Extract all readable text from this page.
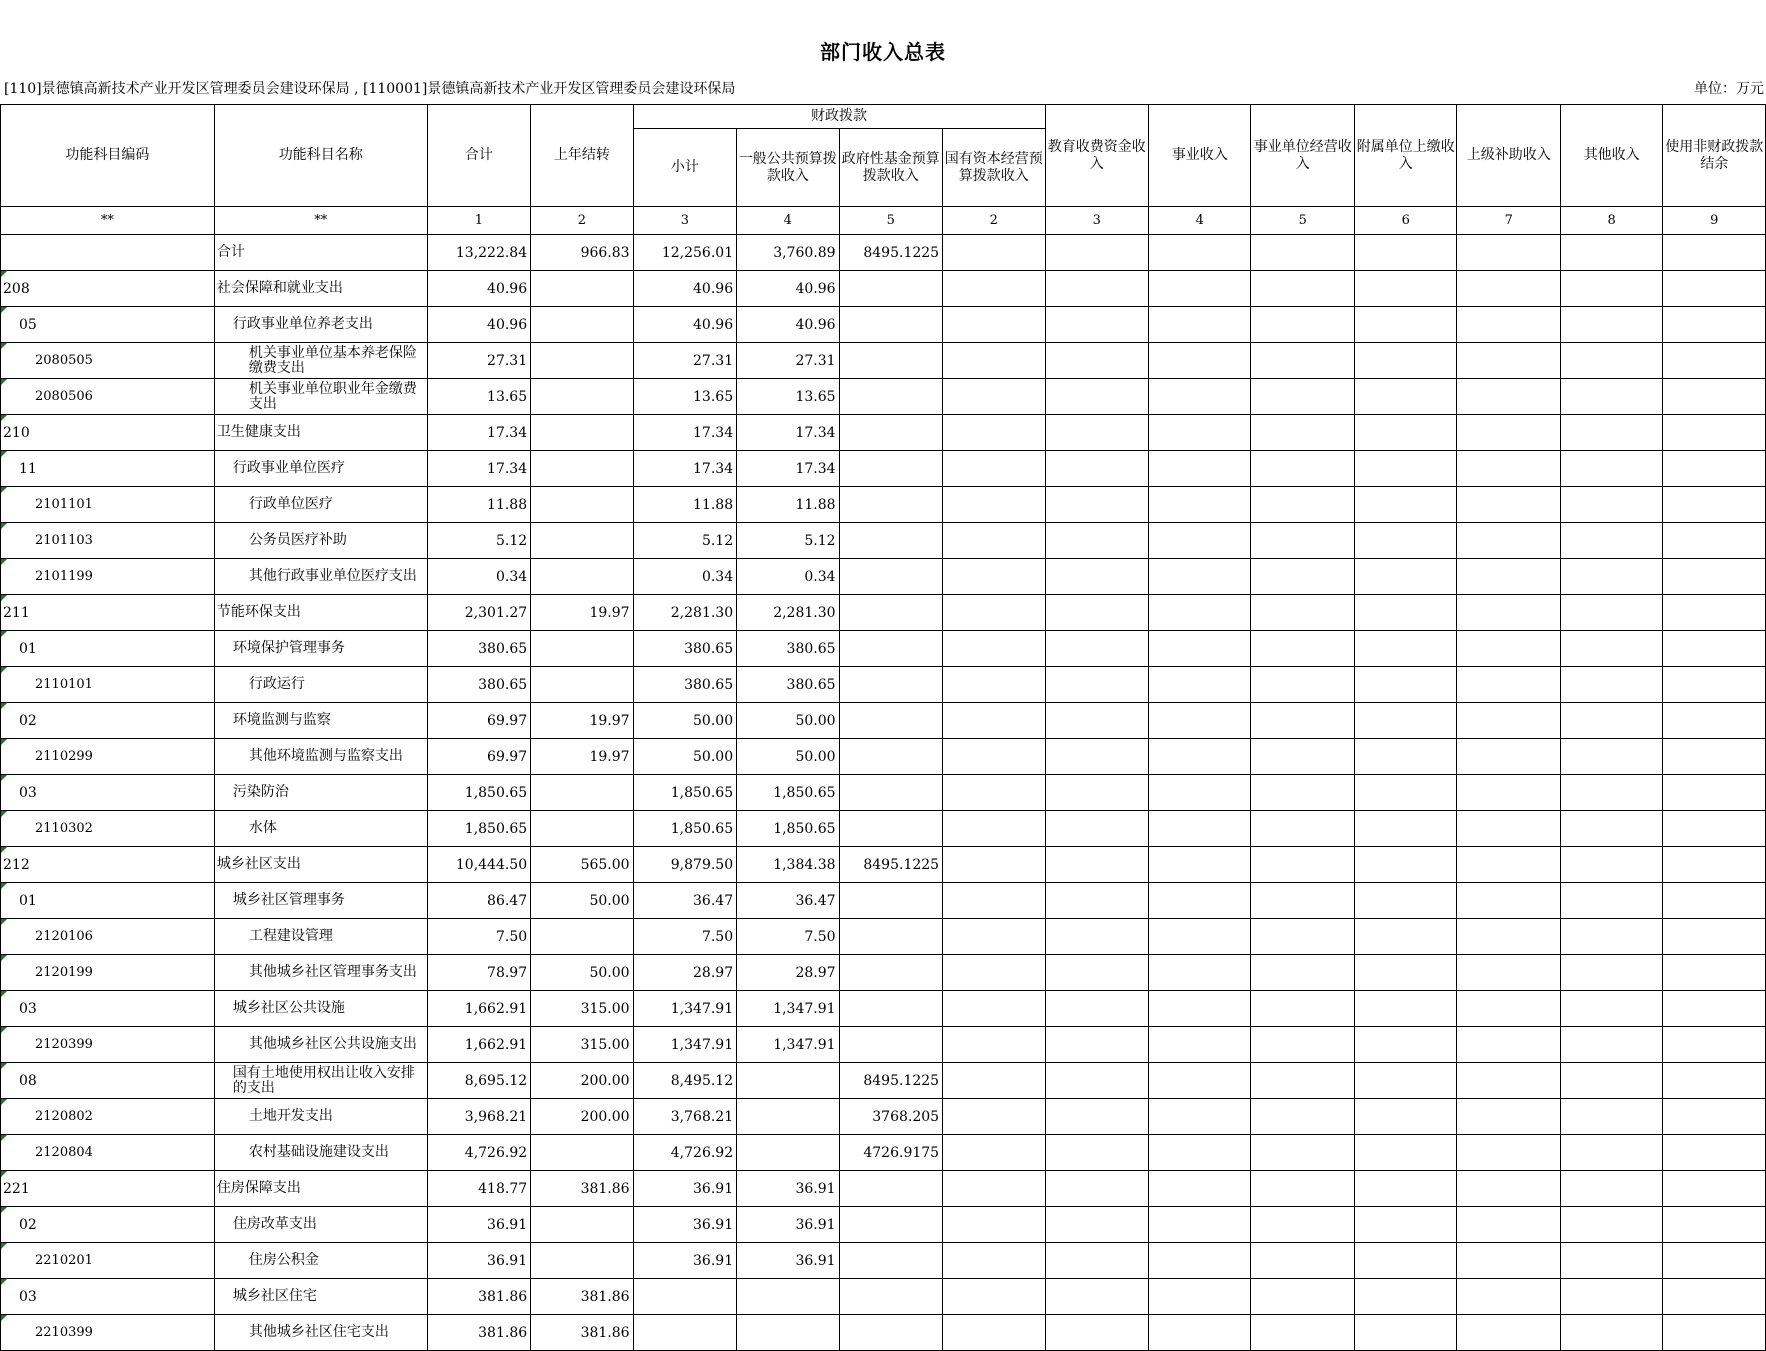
部门收入总表
[110]景德镇高新技术产业开发区管理委员会建设环保局 , [110001]景德镇高新技术产业开发区管理委员会建设环保局	单位：万元
功能科目编码	功能科目名称	合计	上年结转	财政拨款				教育收费资金收入	事业收入	事业单位经营收入	附属单位上缴收入	上级补助收入	其他收入	使用非财政拨款结余
				小计	一般公共预算拨款收入	政府性基金预算拨款收入	国有资本经营预算拨款收入							
**	**	1	2	3	4	5	2	3	4	5	6	7	8	9
	合计	13,222.84	966.83	12,256.01	3,760.89	8495.1225								
208	社会保障和就业支出	40.96		40.96	40.96									
05	行政事业单位养老支出	40.96		40.96	40.96									
2080505	机关事业单位基本养老保险缴费支出	27.31		27.31	27.31									
2080506	机关事业单位职业年金缴费支出	13.65		13.65	13.65									
210	卫生健康支出	17.34		17.34	17.34									
11	行政事业单位医疗	17.34		17.34	17.34									
2101101	行政单位医疗	11.88		11.88	11.88									
2101103	公务员医疗补助	5.12		5.12	5.12									
2101199	其他行政事业单位医疗支出	0.34		0.34	0.34									
211	节能环保支出	2,301.27	19.97	2,281.30	2,281.30									
01	环境保护管理事务	380.65		380.65	380.65									
2110101	行政运行	380.65		380.65	380.65									
02	环境监测与监察	69.97	19.97	50.00	50.00									
2110299	其他环境监测与监察支出	69.97	19.97	50.00	50.00									
03	污染防治	1,850.65		1,850.65	1,850.65									
2110302	水体	1,850.65		1,850.65	1,850.65									
212	城乡社区支出	10,444.50	565.00	9,879.50	1,384.38	8495.1225								
01	城乡社区管理事务	86.47	50.00	36.47	36.47									
2120106	工程建设管理	7.50		7.50	7.50									
2120199	其他城乡社区管理事务支出	78.97	50.00	28.97	28.97									
03	城乡社区公共设施	1,662.91	315.00	1,347.91	1,347.91									
2120399	其他城乡社区公共设施支出	1,662.91	315.00	1,347.91	1,347.91									
08	国有土地使用权出让收入安排的支出	8,695.12	200.00	8,495.12		8495.1225								
2120802	土地开发支出	3,968.21	200.00	3,768.21		3768.205								
2120804	农村基础设施建设支出	4,726.92		4,726.92		4726.9175								
221	住房保障支出	418.77	381.86	36.91	36.91									
02	住房改革支出	36.91		36.91	36.91									
2210201	住房公积金	36.91		36.91	36.91									
03	城乡社区住宅	381.86	381.86											
2210399	其他城乡社区住宅支出	381.86	381.86											
